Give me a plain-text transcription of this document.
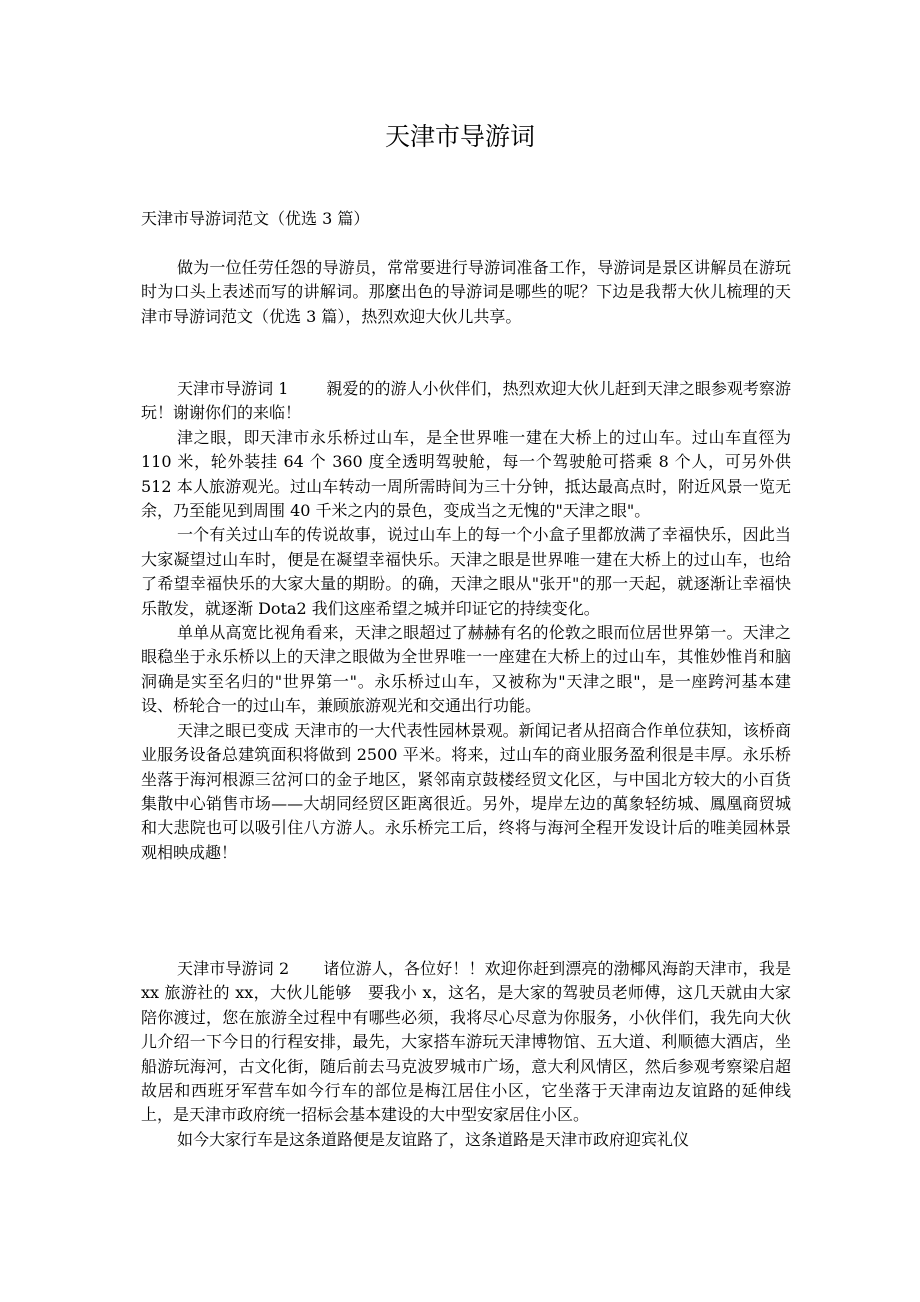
天津市导游词
天津市导游词范文（优选 3 篇）

做为一位任劳任怨的导游员，常常要进行导游词准备工作，导游词是景区讲解员在游玩时为口头上表述而写的讲解词。那麼出色的导游词是哪些的呢？下边是我帮大伙儿梳理的天津市导游词范文（优选 3 篇），热烈欢迎大伙儿共享。

天津市导游词 1 親爱的的游人小伙伴们，热烈欢迎大伙儿赶到天津之眼参观考察游玩！谢谢你们的来临！

津之眼，即天津市永乐桥过山车，是全世界唯一建在大桥上的过山车。过山车直徑为 110 米，轮外装挂 64 个 360 度全透明驾驶舱，每一个驾驶舱可搭乘 8 个人，可另外供 512 本人旅游观光。过山车转动一周所需時间为三十分钟，抵达最高点时，附近风景一览无余，乃至能见到周围 40 千米之内的景色，变成当之无愧的"天津之眼"。

一个有关过山车的传说故事，说过山车上的每一个小盒子里都放满了幸福快乐，因此当大家凝望过山车时，便是在凝望幸福快乐。天津之眼是世界唯一建在大桥上的过山车，也给了希望幸福快乐的大家大量的期盼。的确，天津之眼从"张开"的那一天起，就逐渐让幸福快乐散发，就逐渐 Dota2 我们这座希望之城并印证它的持续变化。

单单从高宽比视角看来，天津之眼超过了赫赫有名的伦敦之眼而位居世界第一。天津之眼稳坐于永乐桥以上的天津之眼做为全世界唯一一座建在大桥上的过山车，其惟妙惟肖和脑洞确是实至名归的"世界第一"。永乐桥过山车，又被称为"天津之眼"，是一座跨河基本建设、桥轮合一的过山车，兼顾旅游观光和交通出行功能。

天津之眼已变成 天津市的一大代表性园林景观。新闻记者从招商合作单位获知，该桥商业服务设备总建筑面积将做到 2500 平米。将来，过山车的商业服务盈利很是丰厚。永乐桥坐落于海河根源三岔河口的金子地区，紧邻南京鼓楼经贸文化区，与中国北方较大的小百货集散中心销售市场——大胡同经贸区距离很近。另外，堤岸左边的萬象轻纺城、鳳凰商贸城和大悲院也可以吸引住八方游人。永乐桥完工后，终将与海河全程开发设计后的唯美园林景观相映成趣！

天津市导游词 2 诸位游人，各位好！！欢迎你赶到漂亮的渤椰风海韵天津市，我是 xx 旅游社的 xx，大伙儿能够　要我小 x，这名，是大家的驾驶员老师傅，这几天就由大家陪你渡过，您在旅游全过程中有哪些必须，我将尽心尽意为你服务，小伙伴们，我先向大伙儿介绍一下今日的行程安排，最先，大家搭车游玩天津博物馆、五大道、利顺德大酒店，坐船游玩海河，古文化街，随后前去马克波罗城市广场，意大利风情区，然后参观考察梁启超故居和西班牙军营车如今行车的部位是梅江居住小区，它坐落于天津南边友谊路的延伸线上，是天津市政府统一招标会基本建设的大中型安家居住小区。

如今大家行车是这条道路便是友谊路了，这条道路是天津市政府迎宾礼仪
